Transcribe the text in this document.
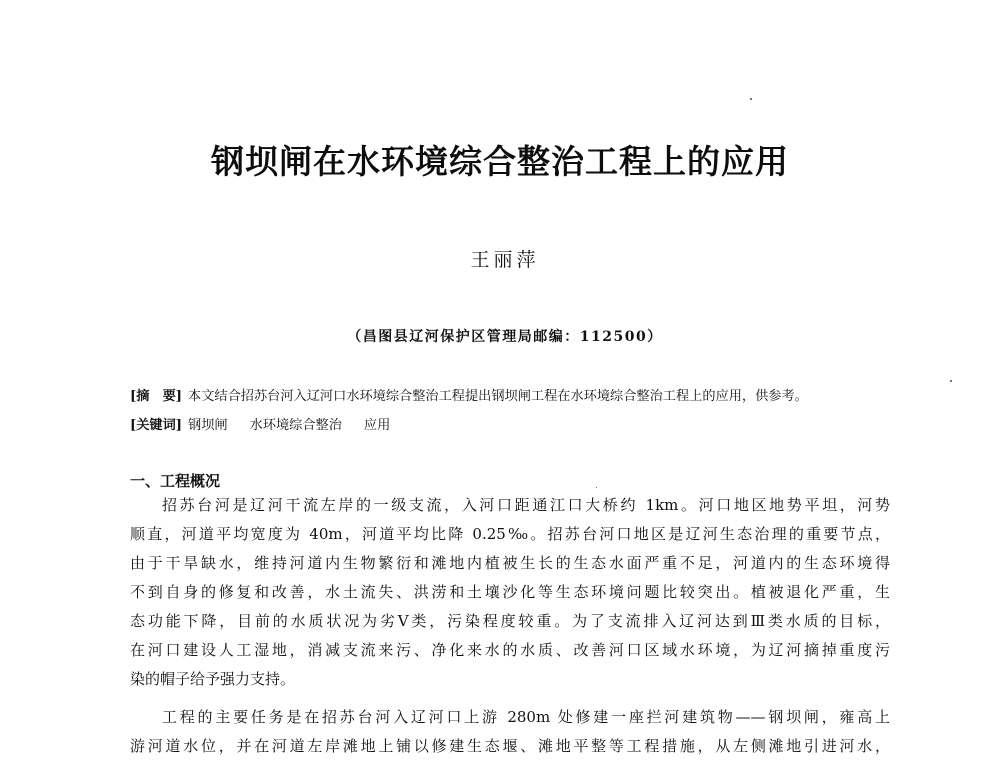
钢坝闸在水环境综合整治工程上的应用
王丽萍
（昌图县辽河保护区管理局邮编：112500）
[摘　要] 本文结合招苏台河入辽河口水环境综合整治工程提出钢坝闸工程在水环境综合整治工程上的应用，供参考。
[关键词] 钢坝闸 水环境综合整治 应用
一、工程概况
招苏台河是辽河干流左岸的一级支流，入河口距通江口大桥约 1km。河口地区地势平坦，河势
顺直，河道平均宽度为 40m，河道平均比降 0.25‰。招苏台河口地区是辽河生态治理的重要节点，
由于干旱缺水，维持河道内生物繁衍和滩地内植被生长的生态水面严重不足，河道内的生态环境得
不到自身的修复和改善，水土流失、洪涝和土壤沙化等生态环境问题比较突出。植被退化严重，生
态功能下降，目前的水质状况为劣Ⅴ类，污染程度较重。为了支流排入辽河达到Ⅲ类水质的目标，
在河口建设人工湿地，消减支流来污、净化来水的水质、改善河口区域水环境，为辽河摘掉重度污
染的帽子给予强力支持。
工程的主要任务是在招苏台河入辽河口上游 280m 处修建一座拦河建筑物——钢坝闸，雍高上
游河道水位，并在河道左岸滩地上铺以修建生态堰、滩地平整等工程措施，从左侧滩地引进河水，
